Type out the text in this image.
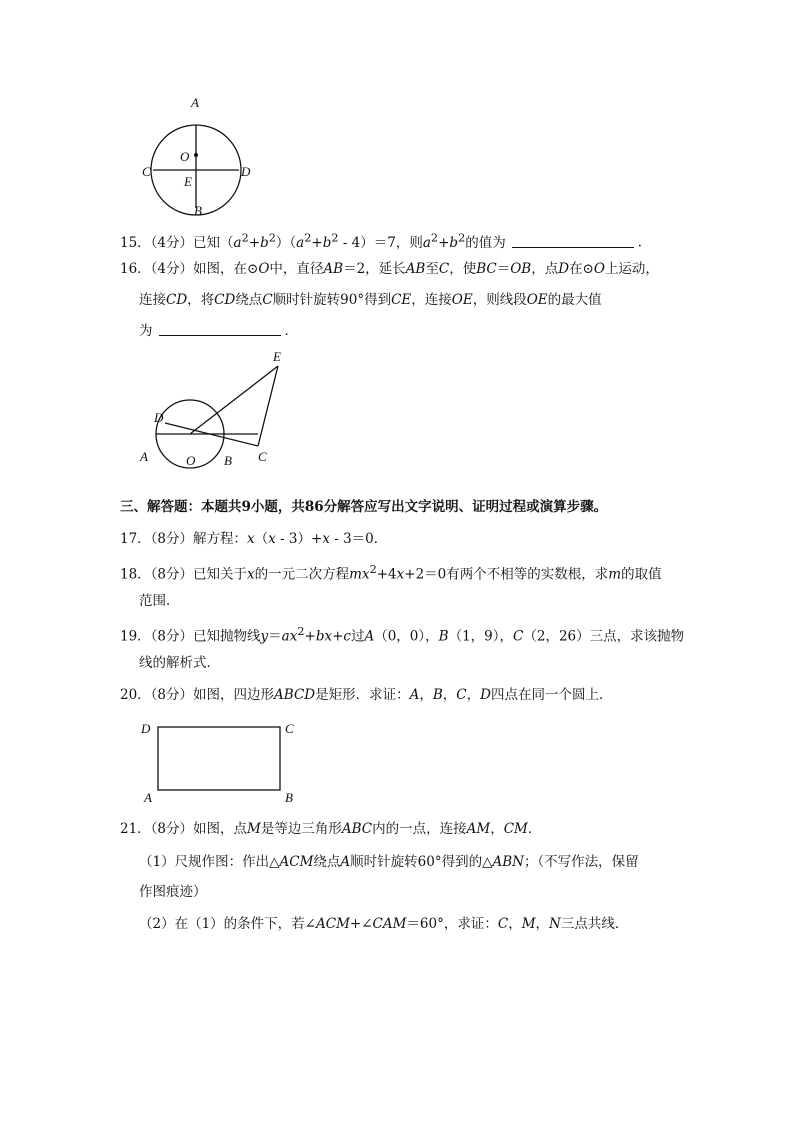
A
O
C
E
D
B
15．（4分）已知$(a^2+b^2)(a^2+b^2 - 4)=7$，则$a^2+b^2$的值为	．
16．（4分）如图，在⊙O中，直径AB＝2，延长AB至C，使BC＝OB，点D在⊙O上运动，
连接CD，将CD绕点C顺时针旋转90°得到CE，连接OE，则线段OE的最大值
为	．
E
D
A	O B C
三、解答题：本题共9小题，共86分解答应写出文字说明、证明过程或演算步骤。
17．（8分）解方程：x（x - 3）+x - 3＝0．
18．（8分）已知关于x的一元二次方程$mx^2+4x+2=0$有两个不相等的实数根，求m的取值
范围．
19．（8分）已知抛物线$y=ax^2+bx+c$过A（0，0），B（1，9），C（2，26）三点，求该抛物
线的解析式．
20．（8分）如图，四边形ABCD是矩形．求证：A，B，C，D四点在同一个圆上．
D	C
A	B
21．（8分）如图，点M是等边三角形ABC内的一点，连接AM，CM．
（1）尺规作图：作出△ACM绕点A顺时针旋转60°得到的△ABN；（不写作法，保留
作图痕迹）
（2）在（1）的条件下，若∠ACM+∠CAM＝60°，求证：C，M，N三点共线．
